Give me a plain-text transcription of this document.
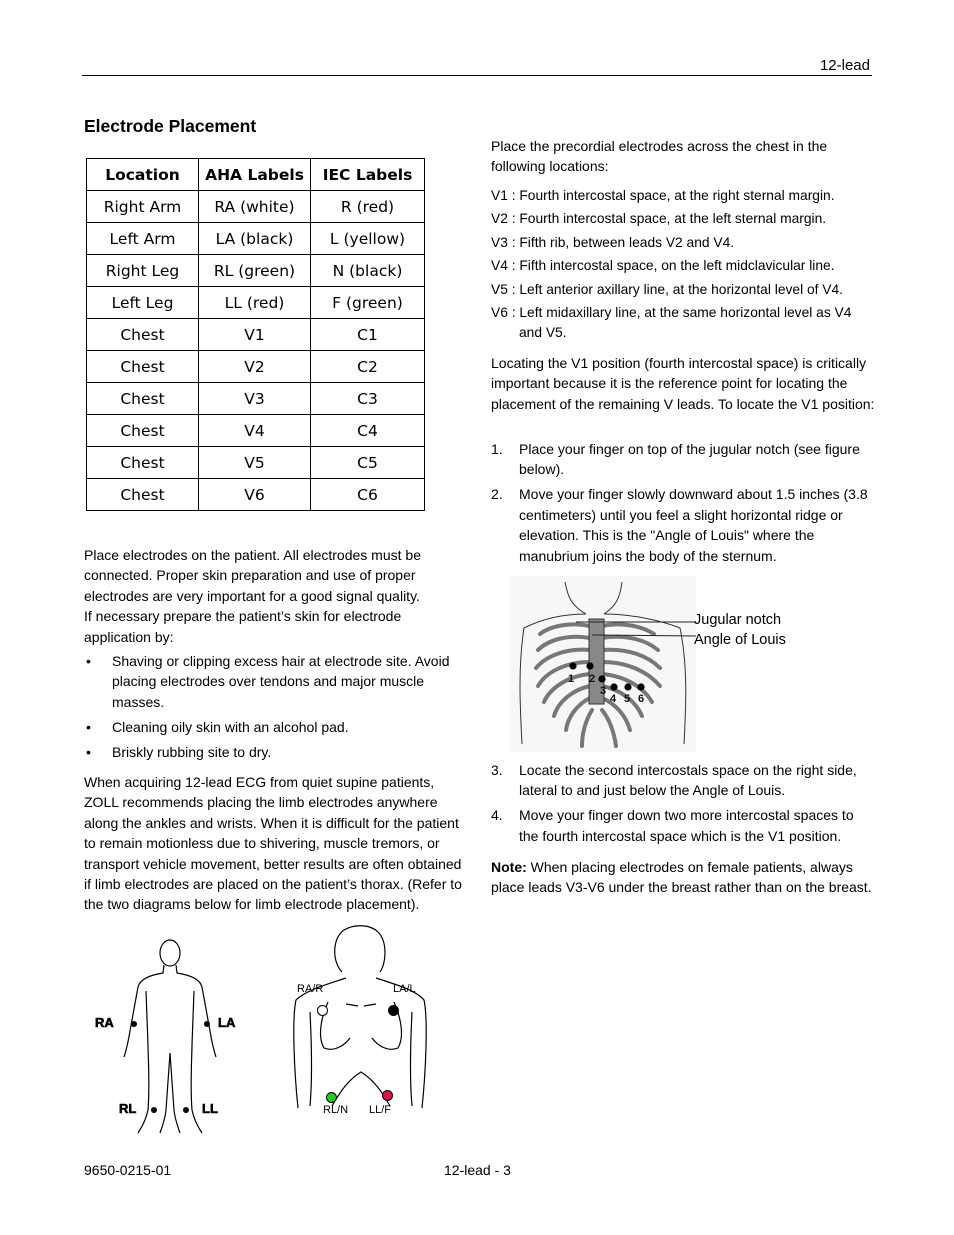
12-lead
Electrode Placement
Location	AHA Labels	IEC Labels
Right Arm	RA (white)	R (red)
Left Arm	LA (black)	L (yellow)
Right Leg	RL (green)	N (black)
Left Leg	LL (red)	F (green)
Chest	V1	C1
Chest	V2	C2
Chest	V3	C3
Chest	V4	C4
Chest	V5	C5
Chest	V6	C6
Place electrodes on the patient. All electrodes must be connected. Proper skin preparation and use of proper electrodes are very important for a good signal quality.
If necessary prepare the patient’s skin for electrode application by:
• Shaving or clipping excess hair at electrode site. Avoid placing electrodes over tendons and major muscle masses.
• Cleaning oily skin with an alcohol pad.
• Briskly rubbing site to dry.
When acquiring 12-lead ECG from quiet supine patients, ZOLL recommends placing the limb electrodes anywhere along the ankles and wrists. When it is difficult for the patient to remain motionless due to shivering, muscle tremors, or transport vehicle movement, better results are often obtained if limb electrodes are placed on the patient’s thorax. (Refer to the two diagrams below for limb electrode placement).
Place the precordial electrodes across the chest in the following locations:
V1 : Fourth intercostal space, at the right sternal margin.
V2 : Fourth intercostal space, at the left sternal margin.
V3 : Fifth rib, between leads V2 and V4.
V4 : Fifth intercostal space, on the left midclavicular line.
V5 : Left anterior axillary line, at the horizontal level of V4.
V6 : Left midaxillary line, at the same horizontal level as V4 and V5.
Locating the V1 position (fourth intercostal space) is critically important because it is the reference point for locating the placement of the remaining V leads. To locate the V1 position:
1. Place your finger on top of the jugular notch (see figure below).
2. Move your finger slowly downward about 1.5 inches (3.8 centimeters) until you feel a slight horizontal ridge or elevation. This is the "Angle of Louis" where the manubrium joins the body of the sternum.
1 2
3
4 5 6
Jugular notch
Angle of Louis
3. Locate the second intercostals space on the right side, lateral to and just below the Angle of Louis.
4. Move your finger down two more intercostal spaces to the fourth intercostal space which is the V1 position.
Note: When placing electrodes on female patients, always place leads V3-V6 under the breast rather than on the breast.
RA	LA
RL	LL
RA/R	LA/L
RL/N LL/F
9650-0215-01	12-lead - 3
